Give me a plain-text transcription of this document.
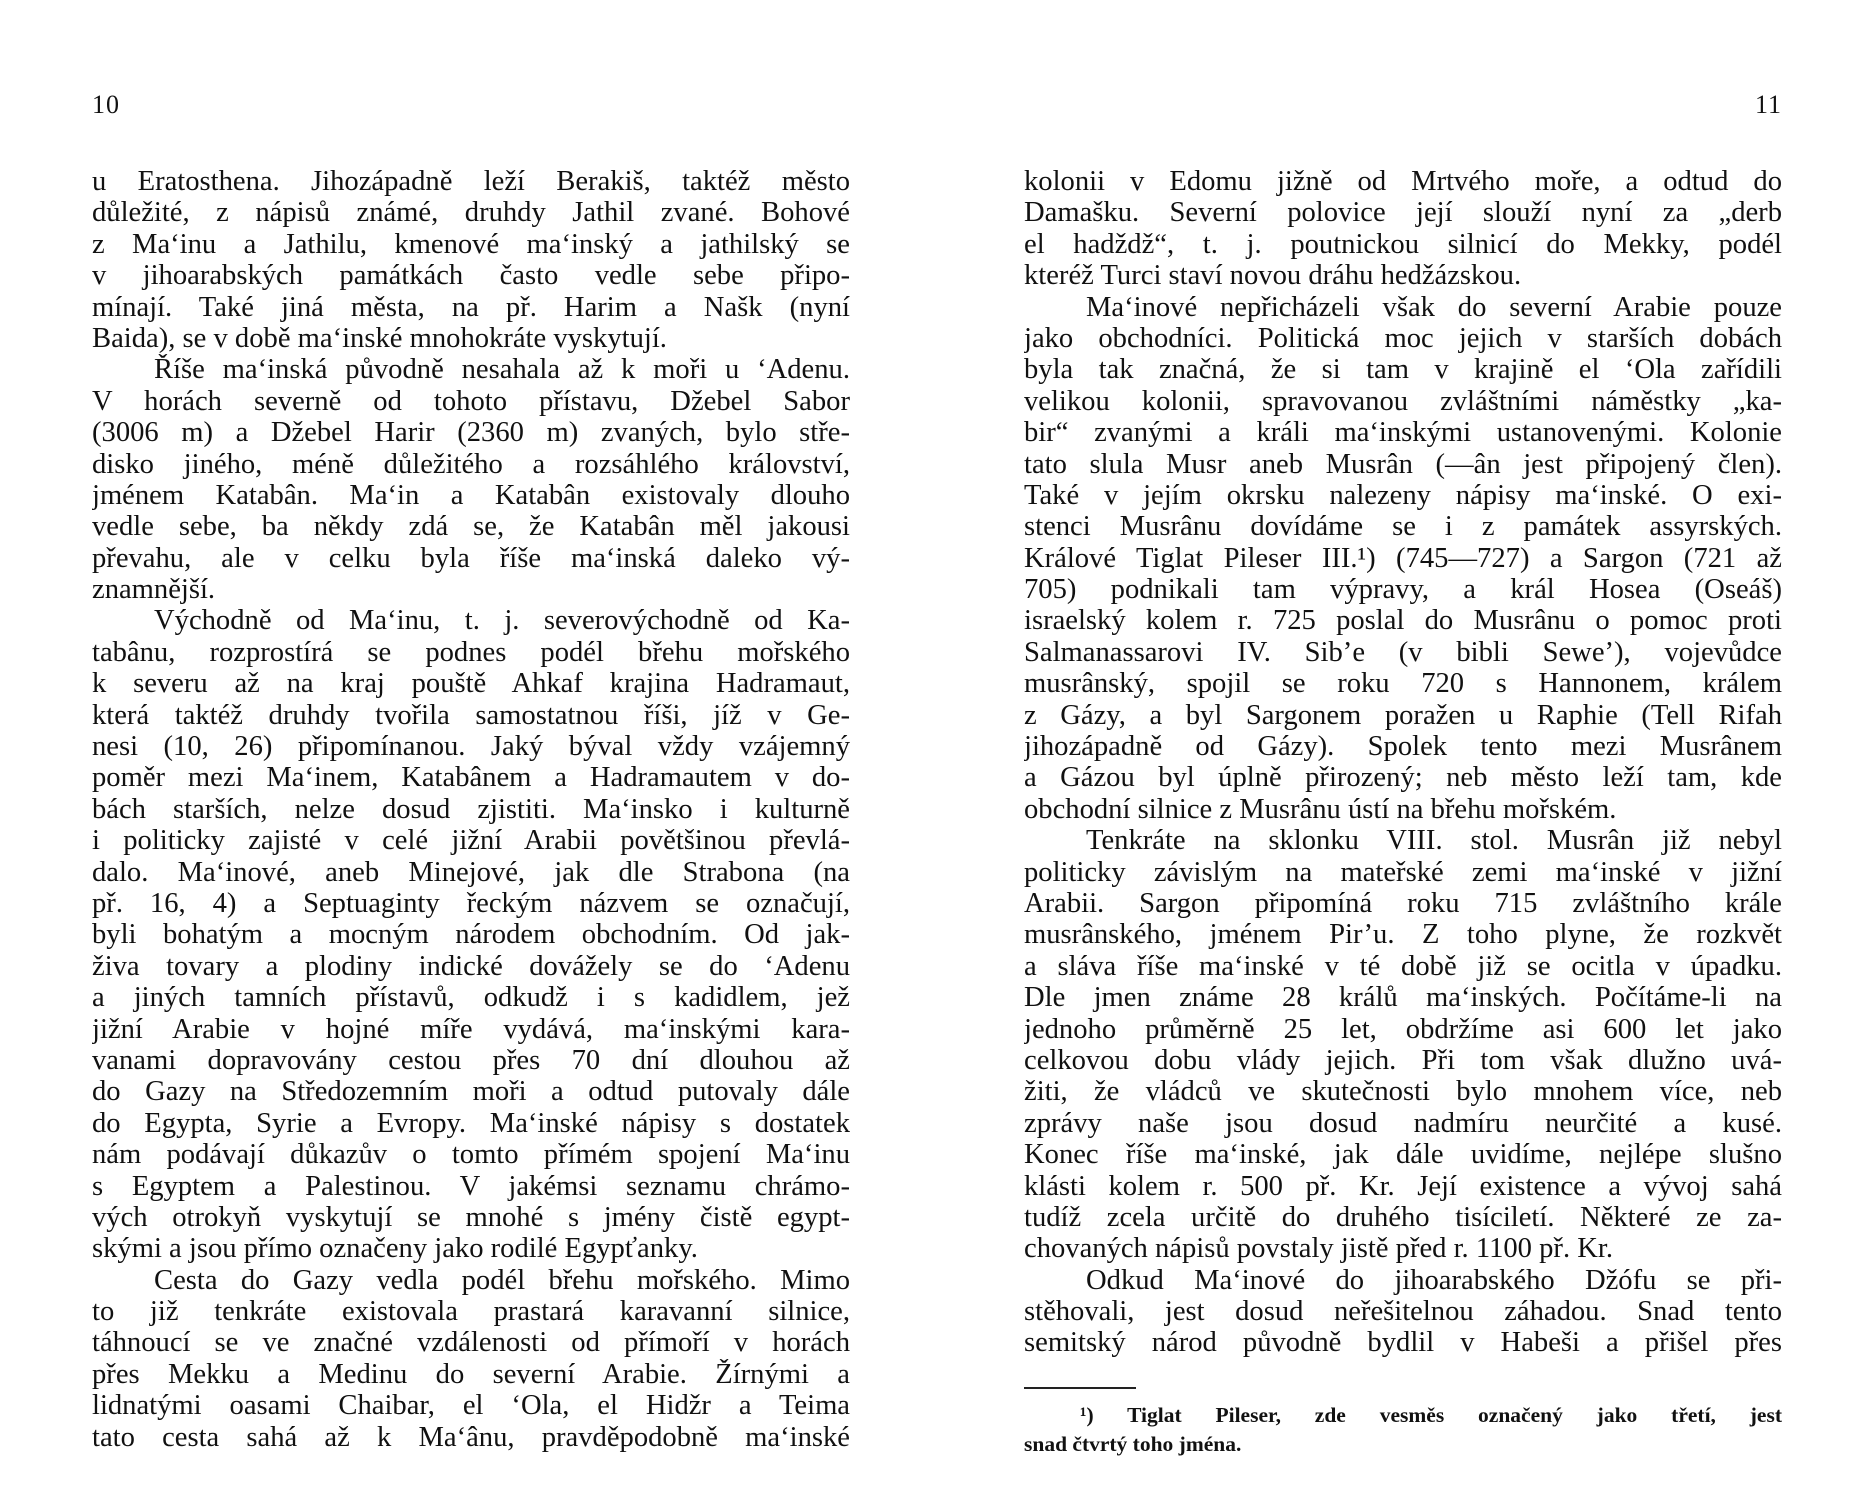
10
u Eratosthena. Jihozápadně leží Berakiš, taktéž město
důležité, z nápisů známé, druhdy Jathil zvané. Bohové
z Ma‘inu a Jathilu, kmenové ma‘inský a jathilský se
v jihoarabských památkách často vedle sebe připo-
mínají. Také jiná města, na př. Harim a Našk (nyní
Baida), se v době ma‘inské mnohokráte vyskytují.
Říše ma‘inská původně nesahala až k moři u ‘Adenu.
V horách severně od tohoto přístavu, Džebel Sabor
(3006 m) a Džebel Harir (2360 m) zvaných, bylo stře-
disko jiného, méně důležitého a rozsáhlého království,
jménem Katabân. Ma‘in a Katabân existovaly dlouho
vedle sebe, ba někdy zdá se, že Katabân měl jakousi
převahu, ale v celku byla říše ma‘inská daleko vý-
znamnější.
Východně od Ma‘inu, t. j. severovýchodně od Ka-
tabânu, rozprostírá se podnes podél břehu mořského
k severu až na kraj pouště Ahkaf krajina Hadramaut,
která taktéž druhdy tvořila samostatnou říši, jíž v Ge-
nesi (10, 26) připomínanou. Jaký býval vždy vzájemný
poměr mezi Ma‘inem, Katabânem a Hadramautem v do-
bách starších, nelze dosud zjistiti. Ma‘insko i kulturně
i politicky zajisté v celé jižní Arabii povětšinou převlá-
dalo. Ma‘inové, aneb Minejové, jak dle Strabona (na
př. 16, 4) a Septuaginty řeckým názvem se označují,
byli bohatým a mocným národem obchodním. Od jak-
živa tovary a plodiny indické dovážely se do ‘Adenu
a jiných tamních přístavů, odkudž i s kadidlem, jež
jižní Arabie v hojné míře vydává, ma‘inskými kara-
vanami dopravovány cestou přes 70 dní dlouhou až
do Gazy na Středozemním moři a odtud putovaly dále
do Egypta, Syrie a Evropy. Ma‘inské nápisy s dostatek
nám podávají důkazův o tomto přímém spojení Ma‘inu
s Egyptem a Palestinou. V jakémsi seznamu chrámo-
vých otrokyň vyskytují se mnohé s jmény čistě egypt-
skými a jsou přímo označeny jako rodilé Egypťanky.
Cesta do Gazy vedla podél břehu mořského. Mimo
to již tenkráte existovala prastará karavanní silnice,
táhnoucí se ve značné vzdálenosti od přímoří v horách
přes Mekku a Medinu do severní Arabie. Žírnými a
lidnatými oasami Chaibar, el ‘Ola, el Hidžr a Teima
tato cesta sahá až k Ma‘ânu, pravděpodobně ma‘inské
11
kolonii v Edomu jižně od Mrtvého moře, a odtud do
Damašku. Severní polovice její slouží nyní za „derb
el hadždž“, t. j. poutnickou silnicí do Mekky, podél
kteréž Turci staví novou dráhu hedžázskou.
Ma‘inové nepřicházeli však do severní Arabie pouze
jako obchodníci. Politická moc jejich v starších dobách
byla tak značná, že si tam v krajině el ‘Ola zařídili
velikou kolonii, spravovanou zvláštními náměstky „ka-
bir“ zvanými a králi ma‘inskými ustanovenými. Kolonie
tato slula Musr aneb Musrân (—ân jest připojený člen).
Také v jejím okrsku nalezeny nápisy ma‘inské. O exi-
stenci Musrânu dovídáme se i z památek assyrských.
Králové Tiglat Pileser III.¹) (745—727) a Sargon (721 až
705) podnikali tam výpravy, a král Hosea (Oseáš)
israelský kolem r. 725 poslal do Musrânu o pomoc proti
Salmanassarovi IV. Sib’e (v bibli Sewe’), vojevůdce
musrânský, spojil se roku 720 s Hannonem, králem
z Gázy, a byl Sargonem poražen u Raphie (Tell Rifah
jihozápadně od Gázy). Spolek tento mezi Musrânem
a Gázou byl úplně přirozený; neb město leží tam, kde
obchodní silnice z Musrânu ústí na břehu mořském.
Tenkráte na sklonku VIII. stol. Musrân již nebyl
politicky závislým na mateřské zemi ma‘inské v jižní
Arabii. Sargon připomíná roku 715 zvláštního krále
musrânského, jménem Pir’u. Z toho plyne, že rozkvět
a sláva říše ma‘inské v té době již se ocitla v úpadku.
Dle jmen známe 28 králů ma‘inských. Počítáme-li na
jednoho průměrně 25 let, obdržíme asi 600 let jako
celkovou dobu vlády jejich. Při tom však dlužno uvá-
žiti, že vládců ve skutečnosti bylo mnohem více, neb
zprávy naše jsou dosud nadmíru neurčité a kusé.
Konec říše ma‘inské, jak dále uvidíme, nejlépe slušno
klásti kolem r. 500 př. Kr. Její existence a vývoj sahá
tudíž zcela určitě do druhého tisíciletí. Některé ze za-
chovaných nápisů povstaly jistě před r. 1100 př. Kr.
Odkud Ma‘inové do jihoarabského Džófu se při-
stěhovali, jest dosud neřešitelnou záhadou. Snad tento
semitský národ původně bydlil v Habeši a přišel přes
¹) Tiglat Pileser, zde vesměs označený jako třetí, jest
snad čtvrtý toho jména.
